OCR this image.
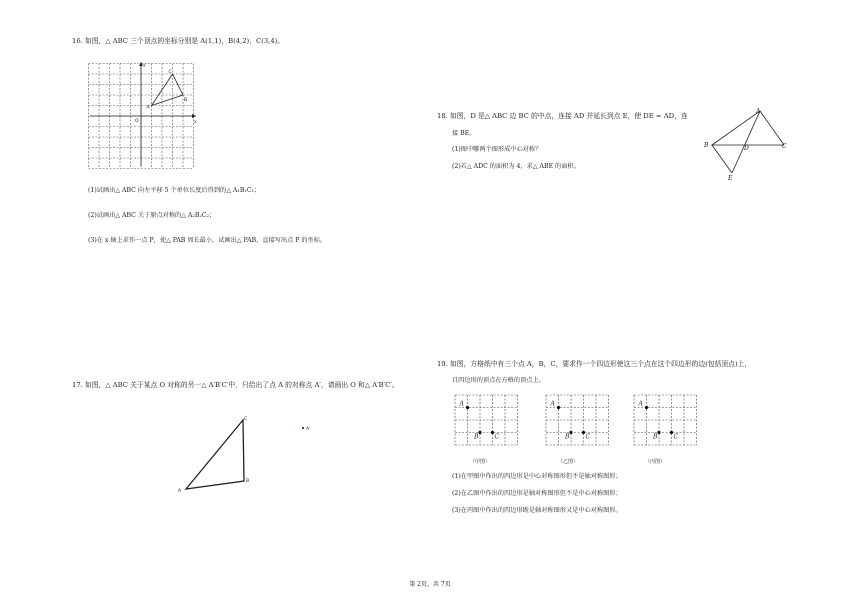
16. 如图，△ ABC 三个顶点的坐标分别是 A(1,1)，B(4,2)，C(3,4)。
y
x
O
A
B
C
(1)试画出△ ABC 向左平移 5 个单位长度后得到的△ A₁B₁C₁；
(2)试画出△ ABC 关于原点对称的△ A₂B₂C₂；
(3)在 x 轴上求作一点 P，使△ PAB 周长最小，试画出△ PAB，直接写出点 P 的坐标。
17. 如图，△ ABC 关于某点 O 对称的另一△ A′B′C′中，只给出了点 A 的对称点 A′，请画出 O 和△ A′B′C′。
A
B
C
A′
18. 如图，D 是△ ABC 边 BC 的中点，连接 AD 并延长到点 E，使 DE = AD，连
接 BE。
(1)图中哪两个图形成中心对称？
(2)若△ ADC 的面积为 4，求△ ABE 的面积。
A
B	C
D
E
19. 如图，方格纸中有三个点 A，B，C，要求作一个四边形使这三个点在这个四边形的边(包括顶点)上，
且四边形的顶点在方格的顶点上。
A
B	C
A
B	C
A
B	C
（甲图）	（乙图）	（丙图）
(1)在甲图中作出的四边形是中心对称图形但不是轴对称图形；
(2)在乙图中作出的四边形是轴对称图形但不是中心对称图形；
(3)在丙图中作出的四边形既是轴对称图形又是中心对称图形。
第 2页，共 7页
